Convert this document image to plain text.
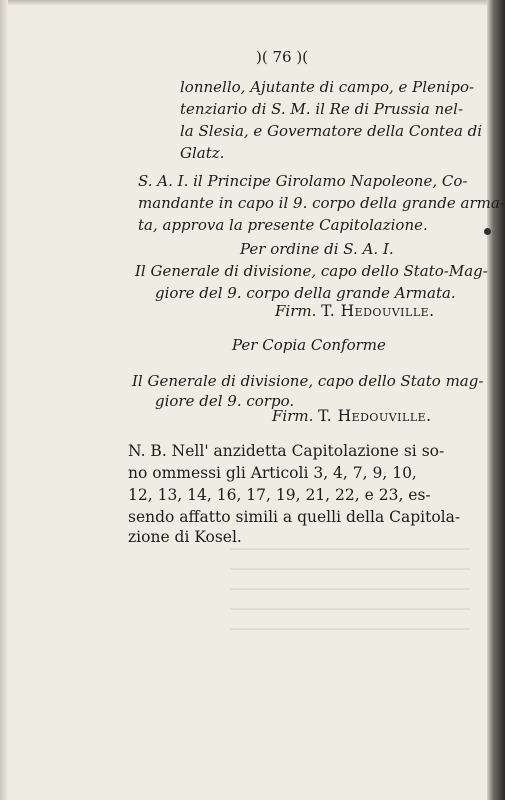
)( 76 )(
lonnello, Ajutante di campo, e Plenipo-
tenziario di S. M. il Re di Prussia nel-
la Slesia, e Governatore della Contea di
Glatz.
S. A. I. il Principe Girolamo Napoleone, Co-
mandante in capo il 9. corpo della grande arma-
ta, approva la presente Capitolazione.
Per ordine di S. A. I.
Il Generale di divisione, capo dello Stato-Mag-
giore del 9. corpo della grande Armata.
Firm. T. Hedouville.
Per Copia Conforme
Il Generale di divisione, capo dello Stato mag-
giore del 9. corpo.
Firm. T. Hedouville.
N. B. Nell' anzidetta Capitolazione si so-
no ommessi gli Articoli 3, 4, 7, 9, 10,
12, 13, 14, 16, 17, 19, 21, 22, e 23, es-
sendo affatto simili a quelli della Capitola-
zione di Kosel.
